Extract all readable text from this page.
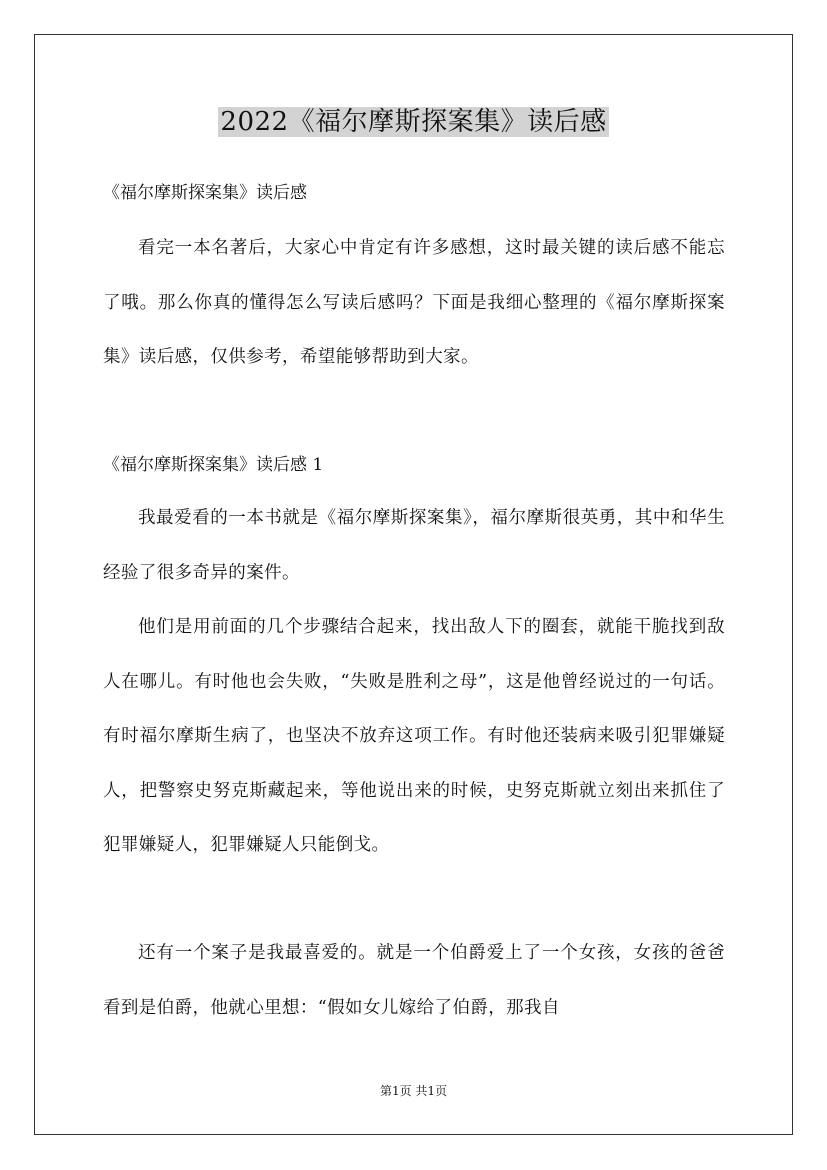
2022《福尔摩斯探案集》读后感

《福尔摩斯探案集》读后感

看完一本名著后，大家心中肯定有许多感想，这时最关键的读后感不能忘了哦。那么你真的懂得怎么写读后感吗？下面是我细心整理的《福尔摩斯探案集》读后感，仅供参考，希望能够帮助到大家。

《福尔摩斯探案集》读后感 1

我最爱看的一本书就是《福尔摩斯探案集》，福尔摩斯很英勇，其中和华生经验了很多奇异的案件。

他们是用前面的几个步骤结合起来，找出敌人下的圈套，就能干脆找到敌人在哪儿。有时他也会失败，“失败是胜利之母”，这是他曾经说过的一句话。有时福尔摩斯生病了，也坚决不放弃这项工作。有时他还装病来吸引犯罪嫌疑人，把警察史努克斯藏起来，等他说出来的时候，史努克斯就立刻出来抓住了犯罪嫌疑人，犯罪嫌疑人只能倒戈。

还有一个案子是我最喜爱的。就是一个伯爵爱上了一个女孩，女孩的爸爸看到是伯爵，他就心里想：“假如女儿嫁给了伯爵，那我自

第1页 共1页
